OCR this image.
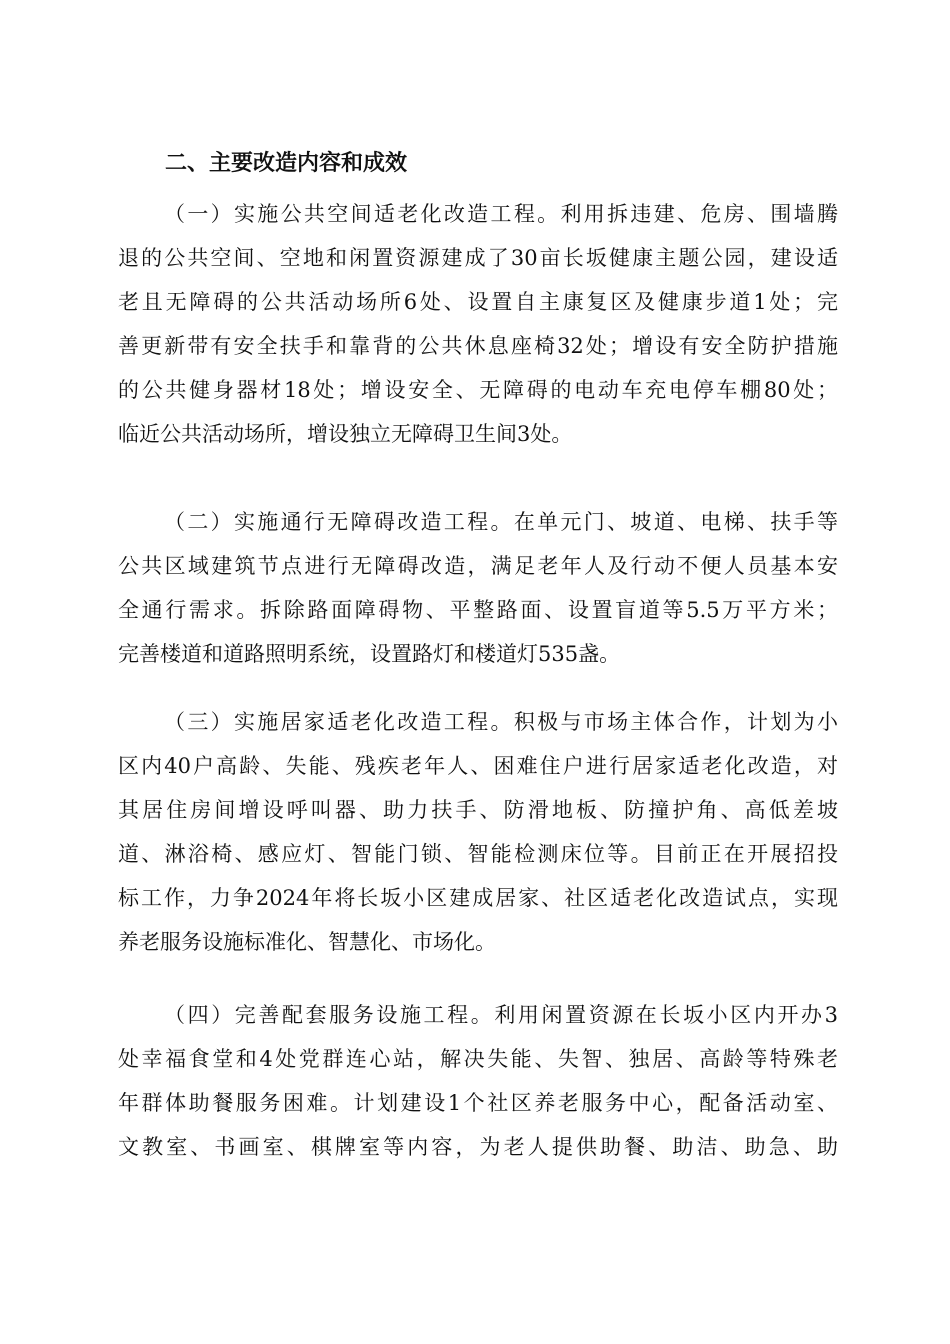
二、主要改造内容和成效
（一）实施公共空间适老化改造工程。利用拆违建、危房、围墙腾
退的公共空间、空地和闲置资源建成了30亩长坂健康主题公园，建设适
老且无障碍的公共活动场所6处、设置自主康复区及健康步道1处；完
善更新带有安全扶手和靠背的公共休息座椅32处；增设有安全防护措施
的公共健身器材18处；增设安全、无障碍的电动车充电停车棚80处；
临近公共活动场所，增设独立无障碍卫生间3处。
（二）实施通行无障碍改造工程。在单元门、坡道、电梯、扶手等
公共区域建筑节点进行无障碍改造，满足老年人及行动不便人员基本安
全通行需求。拆除路面障碍物、平整路面、设置盲道等5.5万平方米；
完善楼道和道路照明系统，设置路灯和楼道灯535盏。
（三）实施居家适老化改造工程。积极与市场主体合作，计划为小
区内40户高龄、失能、残疾老年人、困难住户进行居家适老化改造，对
其居住房间增设呼叫器、助力扶手、防滑地板、防撞护角、高低差坡
道、淋浴椅、感应灯、智能门锁、智能检测床位等。目前正在开展招投
标工作，力争2024年将长坂小区建成居家、社区适老化改造试点，实现
养老服务设施标准化、智慧化、市场化。
（四）完善配套服务设施工程。利用闲置资源在长坂小区内开办3
处幸福食堂和4处党群连心站，解决失能、失智、独居、高龄等特殊老
年群体助餐服务困难。计划建设1个社区养老服务中心，配备活动室、
文教室、书画室、棋牌室等内容，为老人提供助餐、助洁、助急、助
